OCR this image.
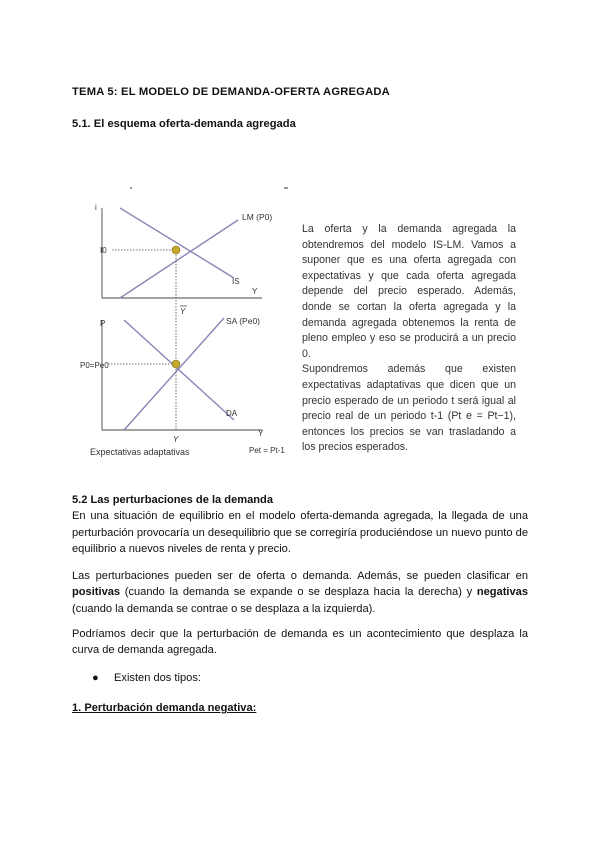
TEMA 5: EL MODELO DE DEMANDA-OFERTA AGREGADA
5.1. El esquema oferta-demanda agregada
i
LM (P0)
IS
Y
I0
Y
P	SA (Pe0)
DA
P0=Pe0
Y
Y
Expectativas adaptativas	Pet = Pt-1

La oferta y la demanda agregada la obtendremos del modelo IS-LM. Vamos a suponer que es una oferta agregada con expectativas y que cada oferta agregada depende del precio esperado. Además, donde se cortan la oferta agregada y la demanda agregada obtenemos la renta de pleno empleo y eso se producirá a un precio 0.

Supondremos además que existen expectativas adaptativas que dicen que un precio esperado de un periodo t será igual al precio real de un periodo t-1 (Pt e = Pt−1), entonces los precios se van trasladando a los precios esperados.

5.2 Las perturbaciones de la demanda

En una situación de equilibrio en el modelo oferta-demanda agregada, la llegada de una perturbación provocaría un desequilibrio que se corregiría produciéndose un nuevo punto de equilibrio a nuevos niveles de renta y precio.

Las perturbaciones pueden ser de oferta o demanda. Además, se pueden clasificar en positivas (cuando la demanda se expande o se desplaza hacia la derecha) y negativas (cuando la demanda se contrae o se desplaza a la izquierda).

Podríamos decir que la perturbación de demanda es un acontecimiento que desplaza la curva de demanda agregada.

● Existen dos tipos:
1. Perturbación demanda negativa:
